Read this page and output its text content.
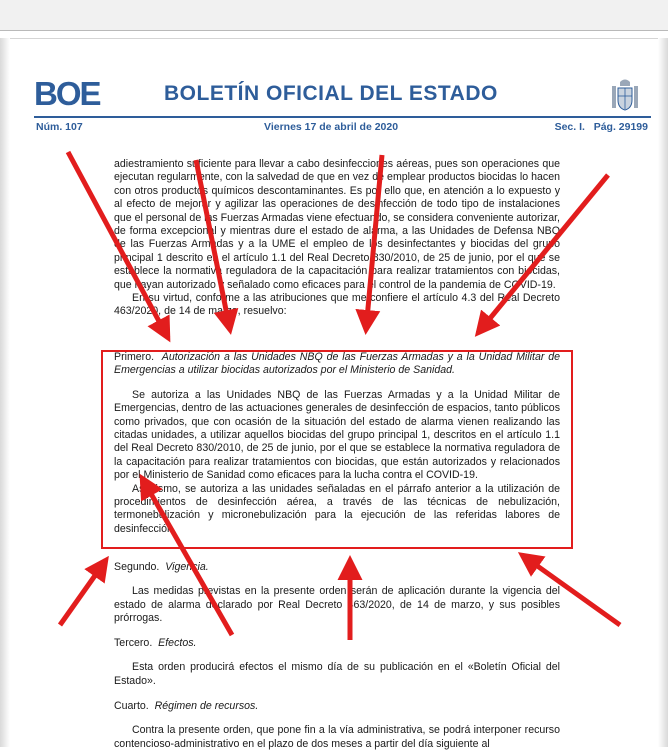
BOE	BOLETÍN OFICIAL DEL ESTADO
Núm. 107	Viernes 17 de abril de 2020	Sec. I.   Pág. 29199

adiestramiento suficiente para llevar a cabo desinfecciones aéreas, pues son operaciones que ejecutan regularmente, con la salvedad de que en vez de emplear productos biocidas lo hacen con otros productos químicos descontaminantes. Es por ello que, en atención a lo expuesto y al efecto de mejorar y agilizar las operaciones de desinfección de todo tipo de instalaciones que el personal de las Fuerzas Armadas viene efectuando, se considera conveniente autorizar, de forma excepcional y mientras dure el estado de alarma, a las Unidades de Defensa NBQ de las Fuerzas Armadas y a la UME el empleo de los desinfectantes y biocidas del grupo principal 1 descrito en el artículo 1.1 del Real Decreto 830/2010, de 25 de junio, por el que se establece la normativa reguladora de la capacitación para realizar tratamientos con biocidas, que hayan autorizado y señalado como eficaces para el control de la pandemia de COVID-19.

En su virtud, conforme a las atribuciones que me confiere el artículo 4.3 del Real Decreto 463/2020, de 14 de marzo, resuelvo:

Primero. Autorización a las Unidades NBQ de las Fuerzas Armadas y a la Unidad Militar de Emergencias a utilizar biocidas autorizados por el Ministerio de Sanidad.

Se autoriza a las Unidades NBQ de las Fuerzas Armadas y a la Unidad Militar de Emergencias, dentro de las actuaciones generales de desinfección de espacios, tanto públicos como privados, que con ocasión de la situación del estado de alarma vienen realizando las citadas unidades, a utilizar aquellos biocidas del grupo principal 1, descritos en el artículo 1.1 del Real Decreto 830/2010, de 25 de junio, por el que se establece la normativa reguladora de la capacitación para realizar tratamientos con biocidas, que están autorizados y relacionados por el Ministerio de Sanidad como eficaces para la lucha contra el COVID-19.

Asimismo, se autoriza a las unidades señaladas en el párrafo anterior a la utilización de procedimientos de desinfección aérea, a través de las técnicas de nebulización, termonebulización y micronebulización para la ejecución de las referidas labores de desinfección.

Segundo. Vigencia.

Las medidas previstas en la presente orden serán de aplicación durante la vigencia del estado de alarma declarado por Real Decreto 463/2020, de 14 de marzo, y sus posibles prórrogas.

Tercero. Efectos.

Esta orden producirá efectos el mismo día de su publicación en el «Boletín Oficial del Estado».

Cuarto. Régimen de recursos.

Contra la presente orden, que pone fin a la vía administrativa, se podrá interponer recurso contencioso-administrativo en el plazo de dos meses a partir del día siguiente al
